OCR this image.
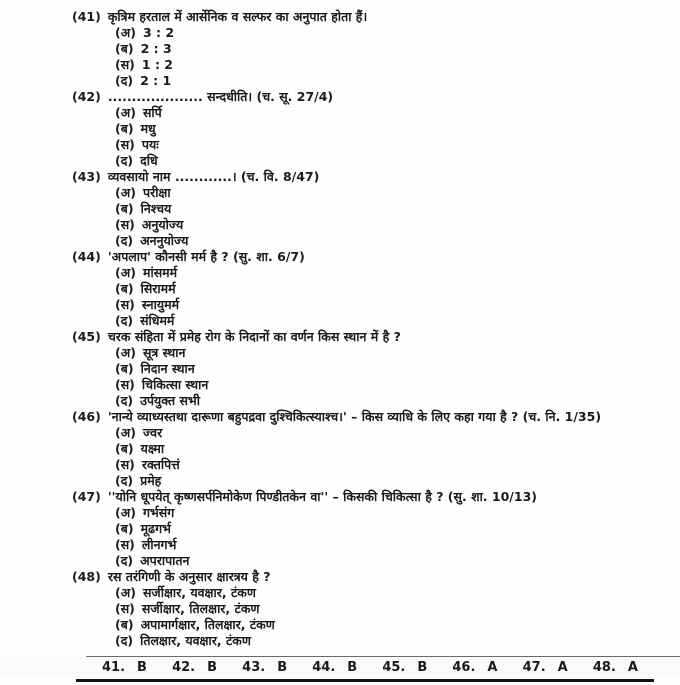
(41) कृत्रिम हरताल में आर्सेनिक व सल्फर का अनुपात होता हैं।
(अ) 3 : 2
(ब) 2 : 3
(स) 1 : 2
(द) 2 : 1
(42) .................... सन्दधीति। (च. सू. 27/4)
(अ) सर्पि
(ब) मधु
(स) पयः
(द) दधि
(43) व्यवसायो नाम ............। (च. वि. 8/47)
(अ) परीक्षा
(ब) निश्चय
(स) अनुयोज्य
(द) अननुयोज्य
(44) 'अपलाप' कौनसी मर्म है ? (सु. शा. 6/7)
(अ) मांसमर्म
(ब) सिरामर्म
(स) स्नायुमर्म
(द) संधिमर्म
(45) चरक संहिता में प्रमेह रोग के निदानों का वर्णन किस स्थान में है ?
(अ) सूत्र स्थान
(ब) निदान स्थान
(स) चिकित्सा स्थान
(द) उर्पयुक्त सभी
(46) 'नान्ये व्याध्यस्तथा दारूणा बहुपद्रवा दुश्चिकित्स्याश्च।' – किस व्याधि के लिए कहा गया है ? (च. नि. 1/35)
(अ) ज्वर
(ब) यक्ष्मा
(स) रक्तपित्तं
(द) प्रमेह
(47) ''योनि धूपयेत् कृष्णसर्पनिमोकेण पिण्डीतकेन वा'' – किसकी चिकित्सा है ? (सु. शा. 10/13)
(अ) गर्भसंग
(ब) मूढगर्भ
(स) लीनगर्भ
(द) अपरापातन
(48) रस तरंगिणी के अनुसार क्षारत्रय है ?
(अ) सर्जीक्षार, यवक्षार, टंकण
(स) सर्जीक्षार, तिलक्षार, टंकण
(ब) अपामार्गक्षार, तिलक्षार, टंकण
(द) तिलक्षार, यवक्षार, टंकण
41. B 42. B 43. B 44. B 45. B 46. A 47. A 48. A
